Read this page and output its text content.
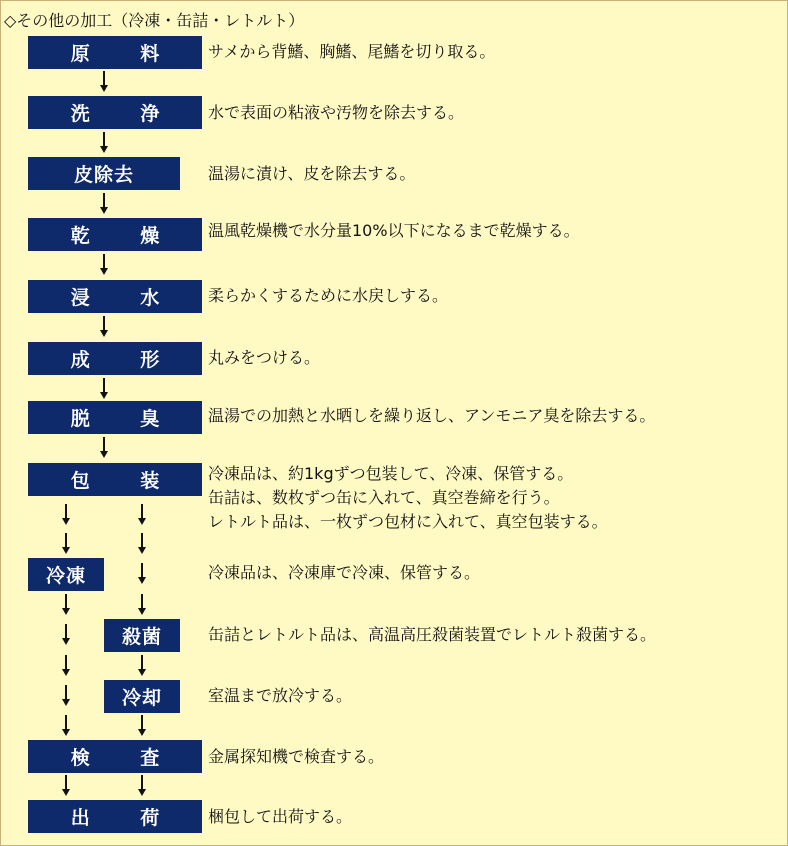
◇その他の加工（冷凍・缶詰・レトルト）
原 料
洗 浄
皮除去
乾 燥
浸 水
成 形
脱 臭
包 装
冷凍
殺菌
冷却
検 査
出 荷
サメから背鰭、胸鰭、尾鰭を切り取る。
水で表面の粘液や汚物を除去する。
温湯に漬け、皮を除去する。
温風乾燥機で水分量10%以下になるまで乾燥する。
柔らかくするために水戻しする。
丸みをつける。
温湯での加熱と水晒しを繰り返し、アンモニア臭を除去する。
冷凍品は、約1kgずつ包装して、冷凍、保管する。
缶詰は、数枚ずつ缶に入れて、真空巻締を行う。
レトルト品は、一枚ずつ包材に入れて、真空包装する。
冷凍品は、冷凍庫で冷凍、保管する。
缶詰とレトルト品は、高温高圧殺菌装置でレトルト殺菌する。
室温まで放冷する。
金属探知機で検査する。
梱包して出荷する。
